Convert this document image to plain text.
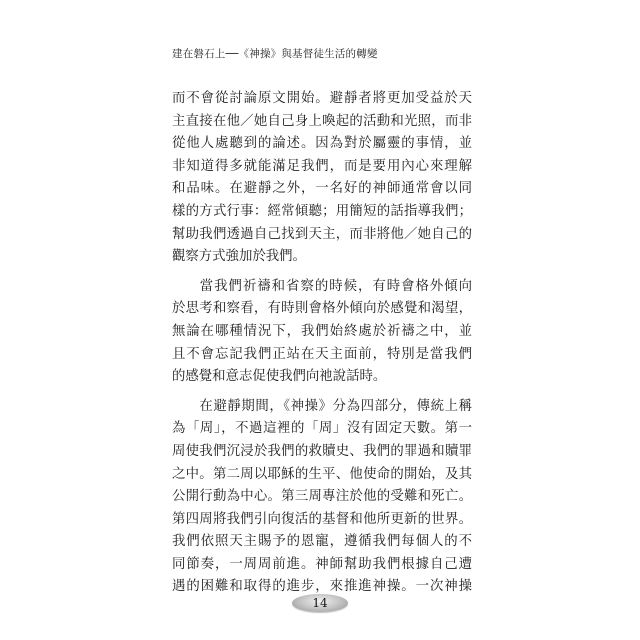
建在磐石上──《神操》與基督徒生活的轉變

而不會從討論原文開始。避靜者將更加受益於天
主直接在他／她自己身上喚起的活動和光照，而非
從他人處聽到的論述。因為對於屬靈的事情，並
非知道得多就能滿足我們，而是要用內心來理解
和品味。在避靜之外，一名好的神師通常會以同
樣的方式行事：經常傾聽；用簡短的話指導我們；
幫助我們透過自己找到天主，而非將他／她自己的
觀察方式強加於我們。

當我們祈禱和省察的時候，有時會格外傾向
於思考和察看，有時則會格外傾向於感覺和渴望，
無論在哪種情況下，我們始終處於祈禱之中，並
且不會忘記我們正站在天主面前，特別是當我們
的感覺和意志促使我們向祂說話時。

在避靜期間，《神操》分為四部分，傳統上稱
為「周」，不過這裡的「周」沒有固定天數。第一
周使我們沉浸於我們的救贖史、我們的罪過和贖罪
之中。第二周以耶穌的生平、他使命的開始，及其
公開行動為中心。第三周專注於他的受難和死亡。
第四周將我們引向復活的基督和他所更新的世界。
我們依照天主賜予的恩寵，遵循我們每個人的不
同節奏，一周周前進。神師幫助我們根據自己遭
遇的困難和取得的進步，來推進神操。一次神操

14
